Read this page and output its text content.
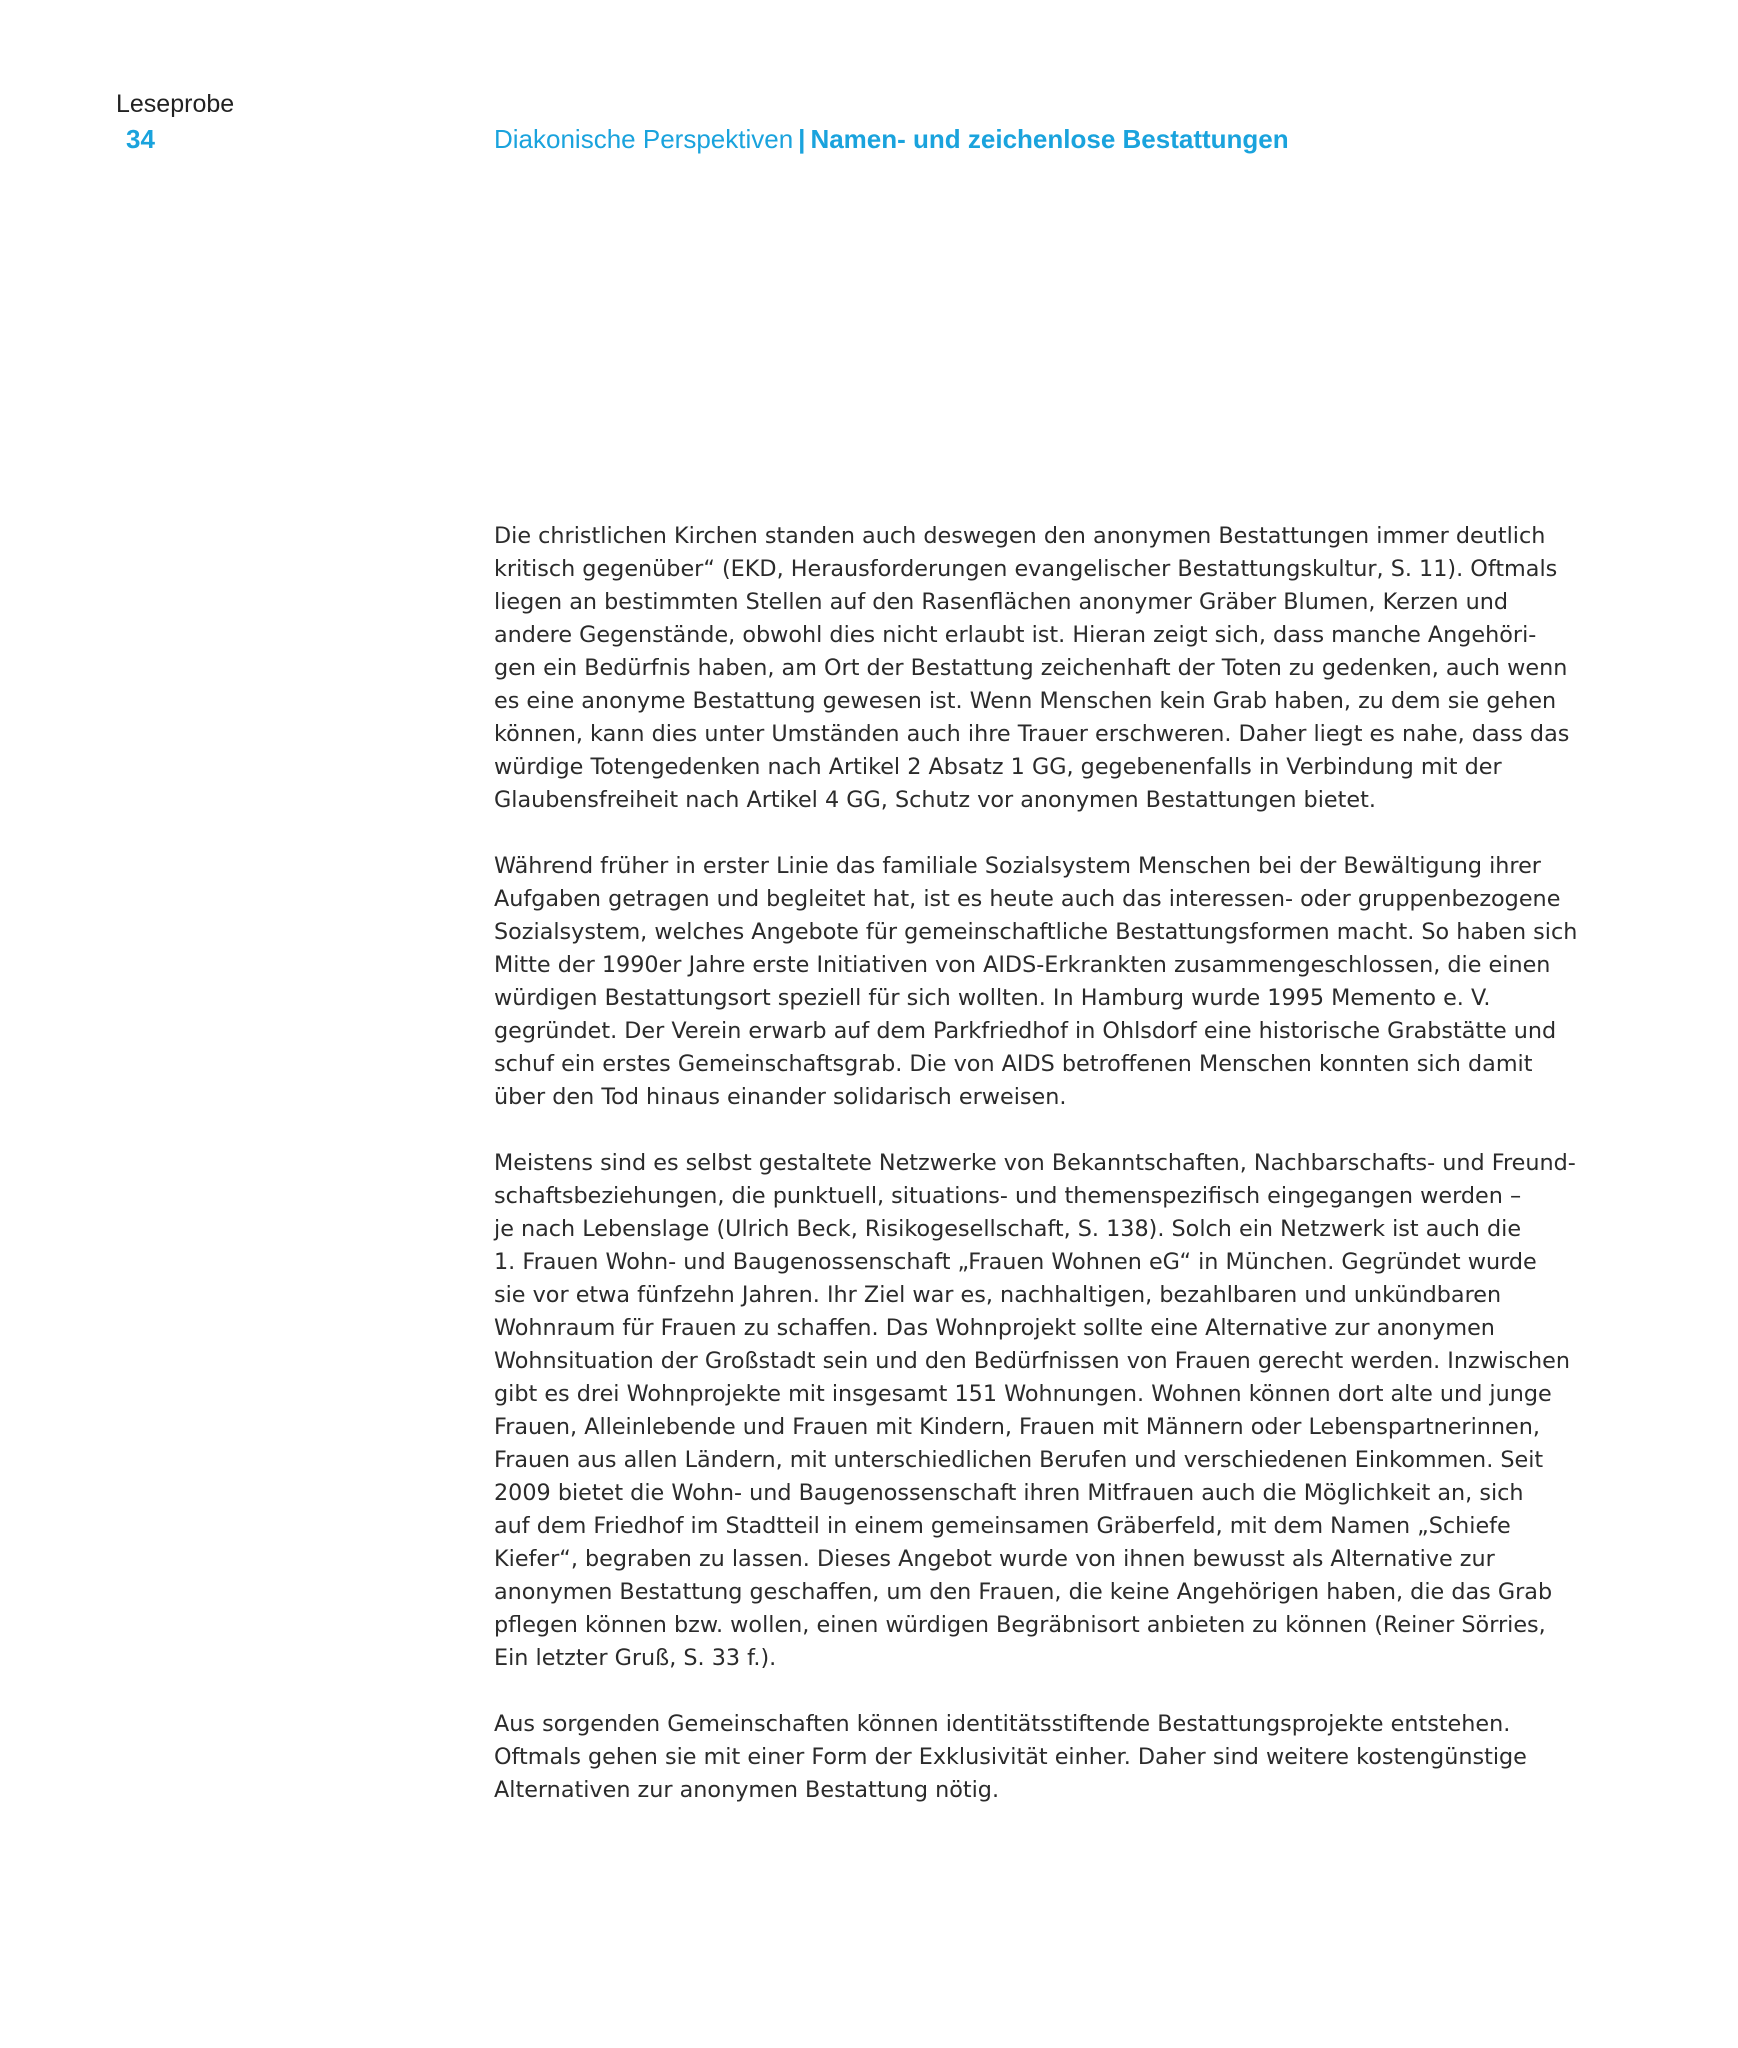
Leseprobe
34	Diakonische Perspektiven | Namen- und zeichenlose Bestattungen
Die christlichen Kirchen standen auch deswegen den anonymen Bestattungen immer deutlich
kritisch gegenüber“ (EKD, Herausforderungen evangelischer Bestattungskultur, S. 11). Oftmals
liegen an bestimmten Stellen auf den Rasenflächen anonymer Gräber Blumen, Kerzen und
andere Gegenstände, obwohl dies nicht erlaubt ist. Hieran zeigt sich, dass manche Angehöri-
gen ein Bedürfnis haben, am Ort der Bestattung zeichenhaft der Toten zu gedenken, auch wenn
es eine anonyme Bestattung gewesen ist. Wenn Menschen kein Grab haben, zu dem sie gehen
können, kann dies unter Umständen auch ihre Trauer erschweren. Daher liegt es nahe, dass das
würdige Totengedenken nach Artikel 2 Absatz 1 GG, gegebenenfalls in Verbindung mit der
Glaubensfreiheit nach Artikel 4 GG, Schutz vor anonymen Bestattungen bietet.
Während früher in erster Linie das familiale Sozialsystem Menschen bei der Bewältigung ihrer
Aufgaben getragen und begleitet hat, ist es heute auch das interessen- oder gruppenbezogene
Sozialsystem, welches Angebote für gemeinschaftliche Bestattungsformen macht. So haben sich
Mitte der 1990er Jahre erste Initiativen von AIDS-Erkrankten zusammengeschlossen, die einen
würdigen Bestattungsort speziell für sich wollten. In Hamburg wurde 1995 Memento e. V.
gegründet. Der Verein erwarb auf dem Parkfriedhof in Ohlsdorf eine historische Grabstätte und
schuf ein erstes Gemeinschaftsgrab. Die von AIDS betroffenen Menschen konnten sich damit
über den Tod hinaus einander solidarisch erweisen.
Meistens sind es selbst gestaltete Netzwerke von Bekanntschaften, Nachbarschafts- und Freund-
schaftsbeziehungen, die punktuell, situations- und themenspezifisch eingegangen werden –
je nach Lebenslage (Ulrich Beck, Risikogesellschaft, S. 138). Solch ein Netzwerk ist auch die
1. Frauen Wohn- und Baugenossenschaft „Frauen Wohnen eG“ in München. Gegründet wurde
sie vor etwa fünfzehn Jahren. Ihr Ziel war es, nachhaltigen, bezahlbaren und unkündbaren
Wohnraum für Frauen zu schaffen. Das Wohnprojekt sollte eine Alternative zur anonymen
Wohnsituation der Großstadt sein und den Bedürfnissen von Frauen gerecht werden. Inzwischen
gibt es drei Wohnprojekte mit insgesamt 151 Wohnungen. Wohnen können dort alte und junge
Frauen, Alleinlebende und Frauen mit Kindern, Frauen mit Männern oder Lebenspartnerinnen,
Frauen aus allen Ländern, mit unterschiedlichen Berufen und verschiedenen Einkommen. Seit
2009 bietet die Wohn- und Baugenossenschaft ihren Mitfrauen auch die Möglichkeit an, sich
auf dem Friedhof im Stadtteil in einem gemeinsamen Gräberfeld, mit dem Namen „Schiefe
Kiefer“, begraben zu lassen. Dieses Angebot wurde von ihnen bewusst als Alternative zur
anonymen Bestattung geschaffen, um den Frauen, die keine Angehörigen haben, die das Grab
pflegen können bzw. wollen, einen würdigen Begräbnisort anbieten zu können (Reiner Sörries,
Ein letzter Gruß, S. 33 f.).
Aus sorgenden Gemeinschaften können identitätsstiftende Bestattungsprojekte entstehen.
Oftmals gehen sie mit einer Form der Exklusivität einher. Daher sind weitere kostengünstige
Alternativen zur anonymen Bestattung nötig.
